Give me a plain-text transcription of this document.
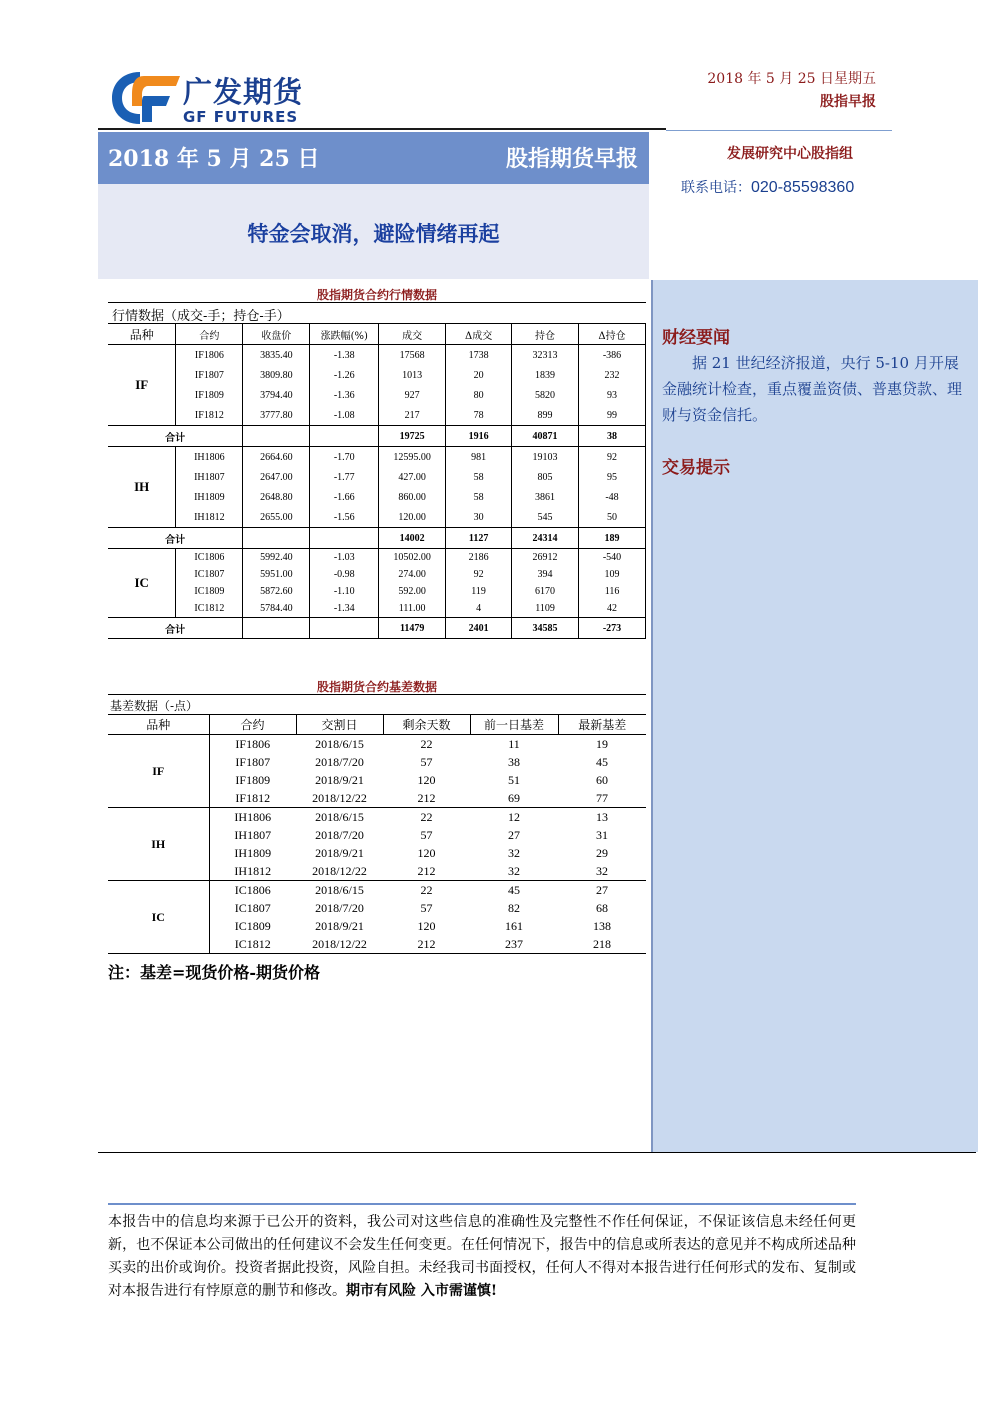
广发期货
GF FUTURES
2018 年 5 月 25 日星期五
股指早报
2018 年 5 月 25 日	股指期货早报
特金会取消，避险情绪再起
发展研究中心股指组
联系电话：020-85598360
财经要闻
据 21 世纪经济报道，央行 5-10 月开展金融统计检查，重点覆盖资债、普惠贷款、理财与资金信托。
交易提示
股指期货合约行情数据
行情数据（成交-手；持仓-手）
品种	合约	收盘价	涨跌幅(%)	成交	Δ成交	持仓	Δ持仓
IF	IF1806	3835.40	-1.38	17568	1738	32313	-386
	IF1807	3809.80	-1.26	1013	20	1839	232
	IF1809	3794.40	-1.36	927	80	5820	93
	IF1812	3777.80	-1.08	217	78	899	99
合计				19725	1916	40871	38
IH	IH1806	2664.60	-1.70	12595.00	981	19103	92
	IH1807	2647.00	-1.77	427.00	58	805	95
	IH1809	2648.80	-1.66	860.00	58	3861	-48
	IH1812	2655.00	-1.56	120.00	30	545	50
合计				14002	1127	24314	189
IC	IC1806	5992.40	-1.03	10502.00	2186	26912	-540
	IC1807	5951.00	-0.98	274.00	92	394	109
	IC1809	5872.60	-1.10	592.00	119	6170	116
	IC1812	5784.40	-1.34	111.00	4	1109	42
合计				11479	2401	34585	-273
股指期货合约基差数据
基差数据（-点）
品种	合约	交割日	剩余天数	前一日基差	最新基差
IF	IF1806	2018/6/15	22	11	19
	IF1807	2018/7/20	57	38	45
	IF1809	2018/9/21	120	51	60
	IF1812	2018/12/22	212	69	77
IH	IH1806	2018/6/15	22	12	13
	IH1807	2018/7/20	57	27	31
	IH1809	2018/9/21	120	32	29
	IH1812	2018/12/22	212	32	32
IC	IC1806	2018/6/15	22	45	27
	IC1807	2018/7/20	57	82	68
	IC1809	2018/9/21	120	161	138
	IC1812	2018/12/22	212	237	218
注：基差=现货价格-期货价格
本报告中的信息均来源于已公开的资料，我公司对这些信息的准确性及完整性不作任何保证，不保证该信息未经任何更新，也不保证本公司做出的任何建议不会发生任何变更。在任何情况下，报告中的信息或所表达的意见并不构成所述品种买卖的出价或询价。投资者据此投资，风险自担。未经我司书面授权，任何人不得对本报告进行任何形式的发布、复制或对本报告进行有悖原意的删节和修改。期市有风险 入市需谨慎!
